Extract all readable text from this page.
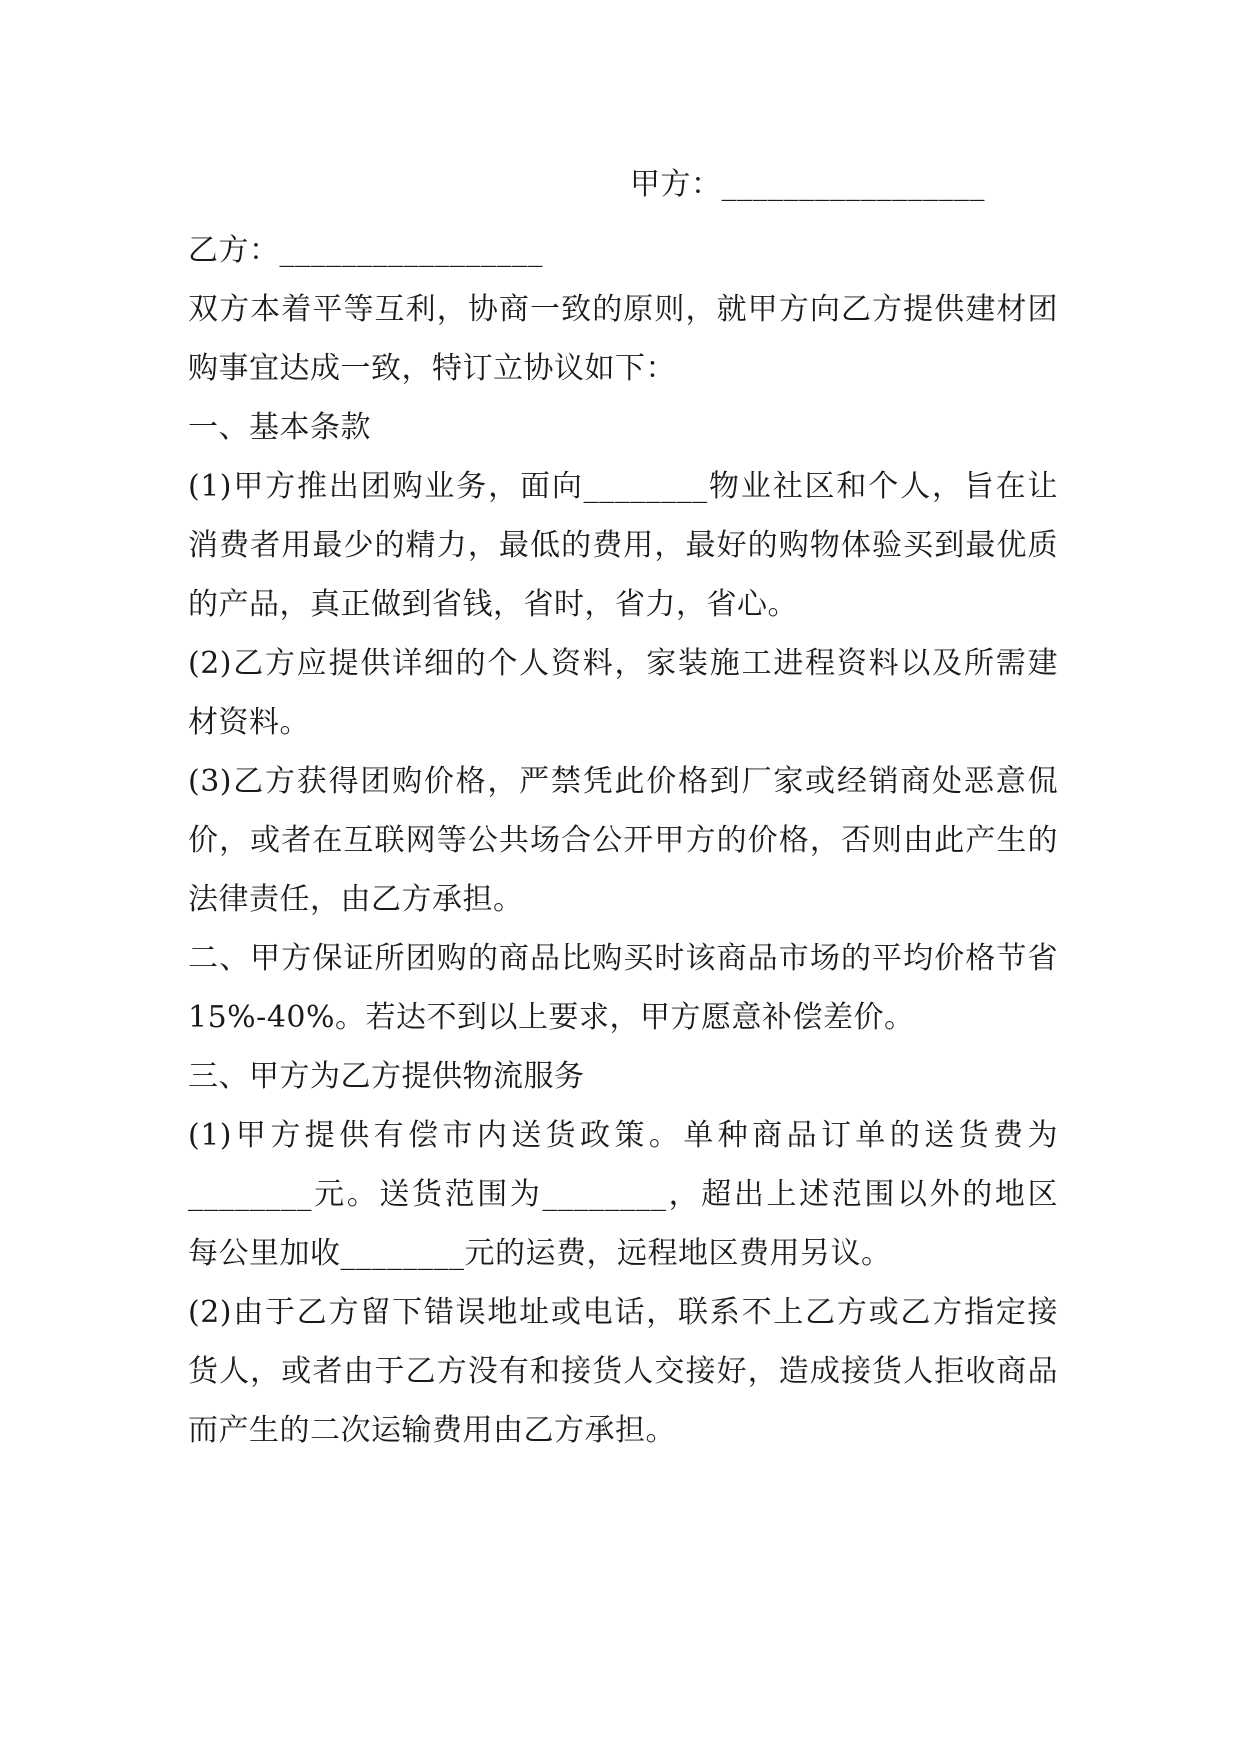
甲方：_________________
乙方：_________________
双方本着平等互利，协商一致的原则，就甲方向乙方提供建材团
购事宜达成一致，特订立协议如下：
一、基本条款
(1)甲方推出团购业务，面向________物业社区和个人，旨在让
消费者用最少的精力，最低的费用，最好的购物体验买到最优质
的产品，真正做到省钱，省时，省力，省心。
(2)乙方应提供详细的个人资料，家装施工进程资料以及所需建
材资料。
(3)乙方获得团购价格，严禁凭此价格到厂家或经销商处恶意侃
价，或者在互联网等公共场合公开甲方的价格，否则由此产生的
法律责任，由乙方承担。
二、甲方保证所团购的商品比购买时该商品市场的平均价格节省
15%-40%。若达不到以上要求，甲方愿意补偿差价。
三、甲方为乙方提供物流服务
(1)甲方提供有偿市内送货政策。单种商品订单的送货费为
________元。送货范围为________，超出上述范围以外的地区
每公里加收________元的运费，远程地区费用另议。
(2)由于乙方留下错误地址或电话，联系不上乙方或乙方指定接
货人，或者由于乙方没有和接货人交接好，造成接货人拒收商品
而产生的二次运输费用由乙方承担。
